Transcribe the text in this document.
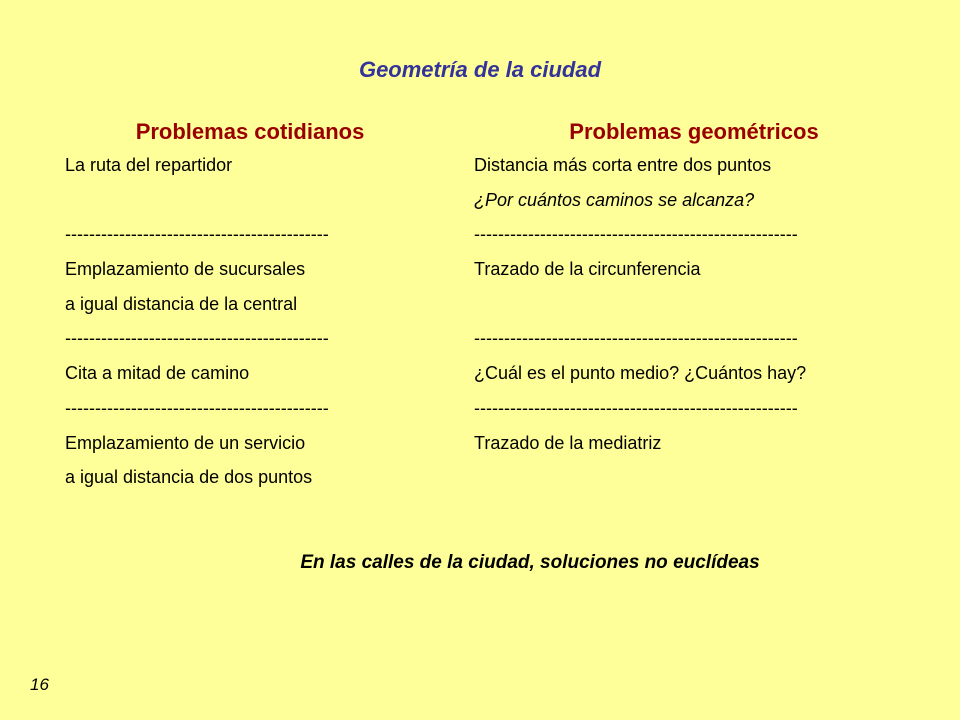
Geometría de la ciudad
Problemas cotidianos
La ruta del repartidor
--------------------------------------------
Emplazamiento de sucursales
a igual distancia de la central
--------------------------------------------
Cita a mitad de camino
--------------------------------------------
Emplazamiento de un servicio
a igual distancia de dos puntos
Problemas geométricos
Distancia más corta entre dos puntos
¿Por cuántos caminos se alcanza?
------------------------------------------------------
Trazado de la circunferencia
------------------------------------------------------
¿Cuál es el punto medio? ¿Cuántos hay?
------------------------------------------------------
Trazado de la mediatriz
En las calles de la ciudad, soluciones no euclídeas
16
